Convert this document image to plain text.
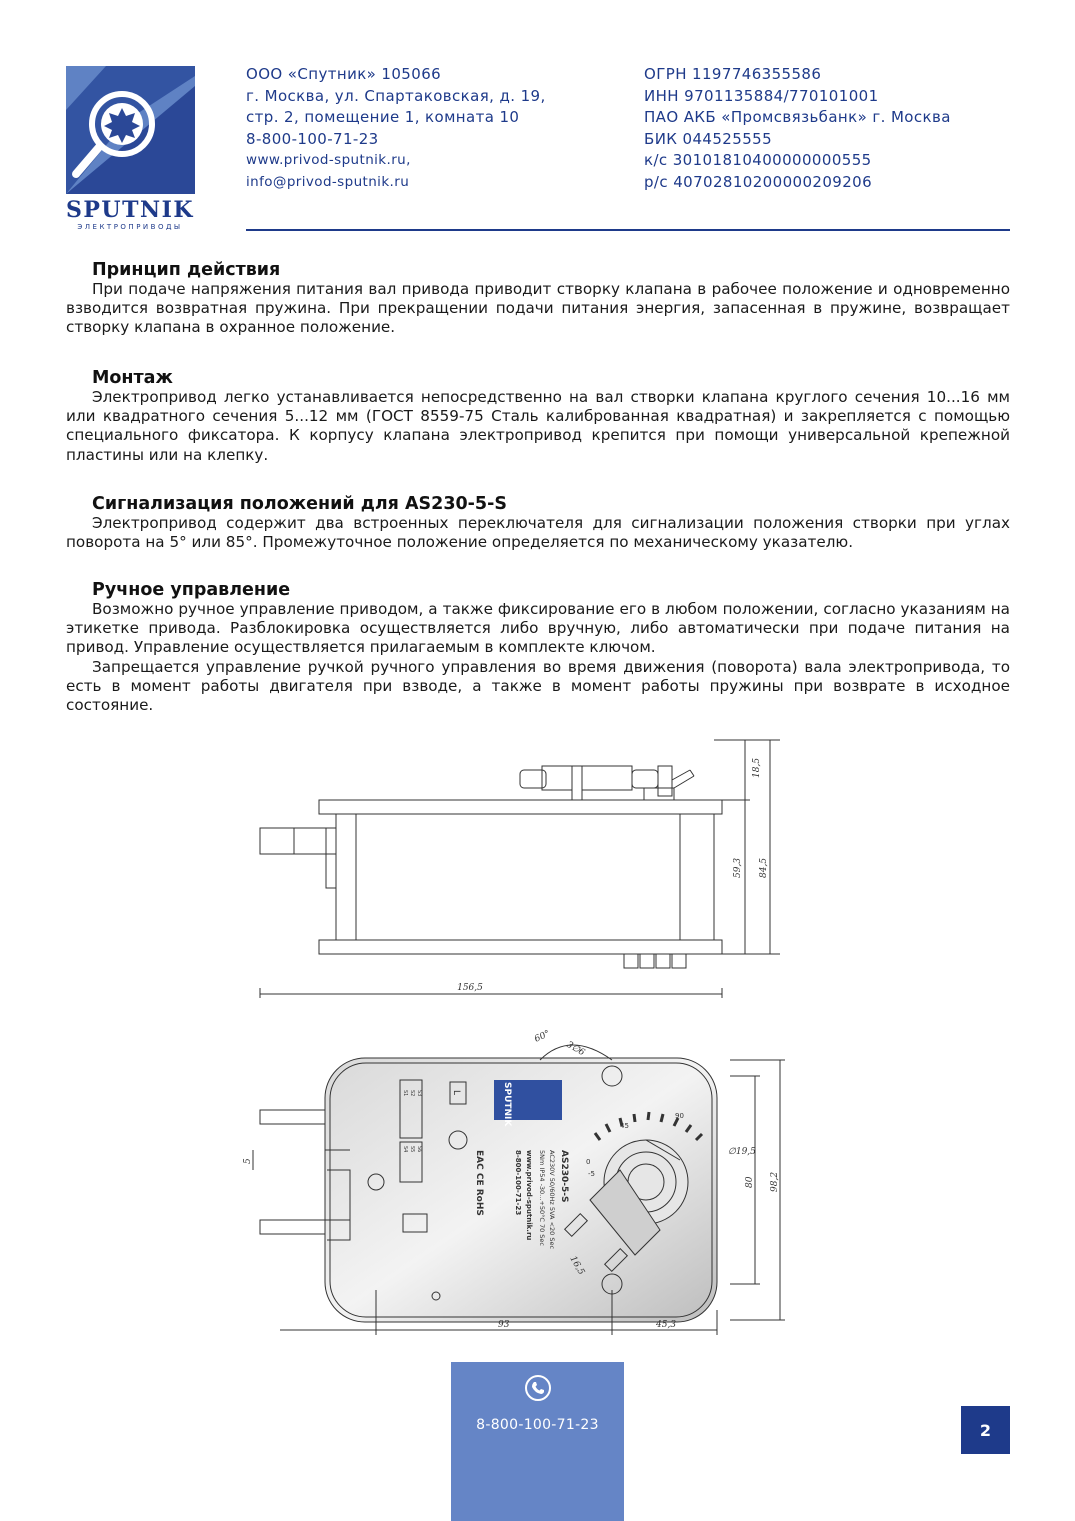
SPUTNIK
ЭЛЕКТРОПРИВОДЫ
ООО «Спутник» 105066
г. Москва, ул. Спартаковская, д. 19,
стр. 2, помещение 1, комната 10
8-800-100-71-23
www.privod-sputnik.ru,
info@privod-sputnik.ru
ОГРН 1197746355586
ИНН 9701135884/770101001
ПАО АКБ «Промсвязьбанк» г. Москва
БИК 044525555
к/с 30101810400000000555
р/с 40702810200000209206
Принцип действия

При подаче напряжения питания вал привода приводит створку клапана в рабочее положение и одновременно взводится возвратная пружина. При прекращении подачи питания энергия, запасенная в пружине, возвращает створку клапана в охранное положение.

Монтаж

Электропривод легко устанавливается непосредственно на вал створки клапана круглого сечения 10...16 мм или квадратного сечения 5...12 мм (ГОСТ 8559-75 Сталь калиброванная квадратная) и закрепляется с помощью специального фиксатора. К корпусу клапана электропривод крепится при помощи универсальной крепежной пластины или на клепку.

Сигнализация положений для AS230-5-S

Электропривод содержит два встроенных переключателя для сигнализации положения створки при углах поворота на 5° или 85°. Промежуточное положение определяется по механическому указателю.

Ручное управление

Возможно ручное управление приводом, а также фиксирование его в любом положении, согласно указаниям на этикетке привода. Разблокировка осуществляется либо вручную, либо автоматически при подаче питания на привод. Управление осуществляется прилагаемым в комплекте ключом.

Запрещается управление ручкой ручного управления во время движения (поворота) вала электропривода, то есть в момент работы двигателя при взводе, а также в момент работы пружины при возврате в исходное состояние.

18,5
59,3 84,5
156,5
SPUTNIK
AS230-5-S
AC230V 50/60Hz 5VA <20 Sec
5Nm IP54 -30...+50°C 70 Sec
www.privod-sputnik.ru
8-800-100-71-23
EAC CE RoHS
L
45
90
0
-5
S1 S2 S3
S4 S5 S6
60°
3∅6
∅19,5
80 98,2
5
93	45,3
16,5
8-800-100-71-23	2
